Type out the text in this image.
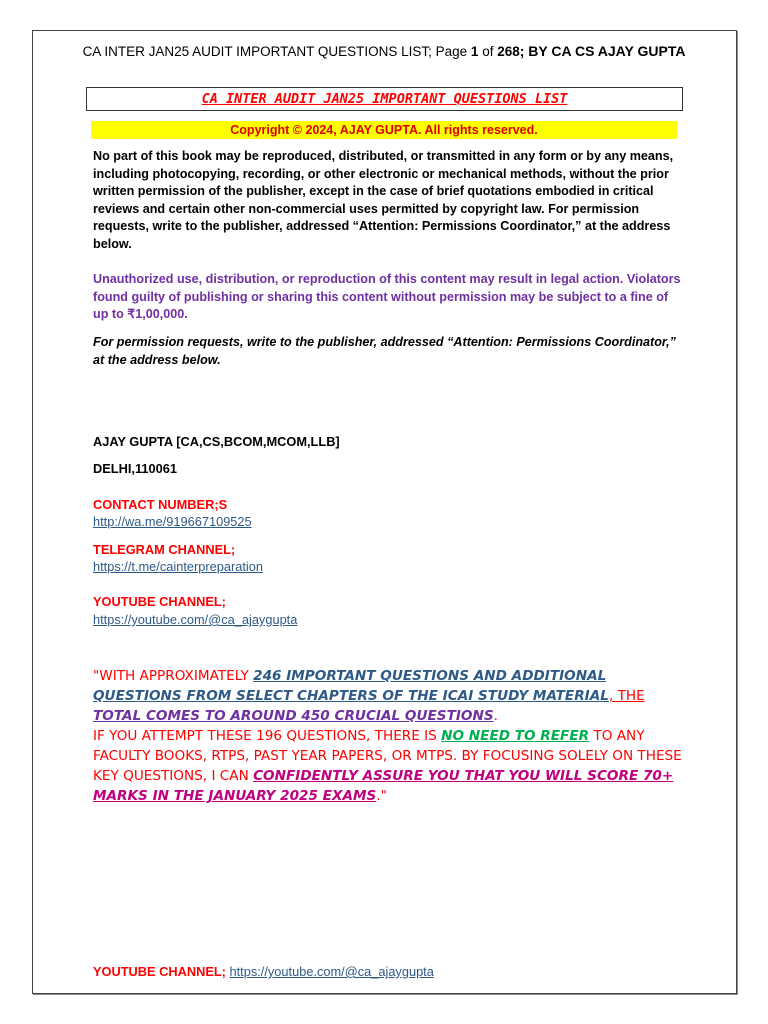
CA INTER JAN25 AUDIT IMPORTANT QUESTIONS LIST; Page 1 of 268; BY CA CS AJAY GUPTA
CA INTER AUDIT JAN25 IMPORTANT QUESTIONS LIST
Copyright © 2024, AJAY GUPTA. All rights reserved.
No part of this book may be reproduced, distributed, or transmitted in any form or by any means, including photocopying, recording, or other electronic or mechanical methods, without the prior written permission of the publisher, except in the case of brief quotations embodied in critical reviews and certain other non-commercial uses permitted by copyright law. For permission requests, write to the publisher, addressed “Attention: Permissions Coordinator,” at the address below.
Unauthorized use, distribution, or reproduction of this content may result in legal action. Violators found guilty of publishing or sharing this content without permission may be subject to a fine of up to ₹1,00,000.
For permission requests, write to the publisher, addressed “Attention: Permissions Coordinator,” at the address below.
AJAY GUPTA [CA,CS,BCOM,MCOM,LLB]
DELHI,110061
CONTACT NUMBER;S
http://wa.me/919667109525
TELEGRAM CHANNEL;
https://t.me/cainterpreparation
YOUTUBE CHANNEL;
https://youtube.com/@ca_ajaygupta
"WITH APPROXIMATELY 246 IMPORTANT QUESTIONS AND ADDITIONAL QUESTIONS FROM SELECT CHAPTERS OF THE ICAI STUDY MATERIAL, THE TOTAL COMES TO AROUND 450 CRUCIAL QUESTIONS.
IF YOU ATTEMPT THESE 196 QUESTIONS, THERE IS NO NEED TO REFER TO ANY FACULTY BOOKS, RTPS, PAST YEAR PAPERS, OR MTPS. BY FOCUSING SOLELY ON THESE KEY QUESTIONS, I CAN CONFIDENTLY ASSURE YOU THAT YOU WILL SCORE 70+ MARKS IN THE JANUARY 2025 EXAMS."
YOUTUBE CHANNEL; https://youtube.com/@ca_ajaygupta
